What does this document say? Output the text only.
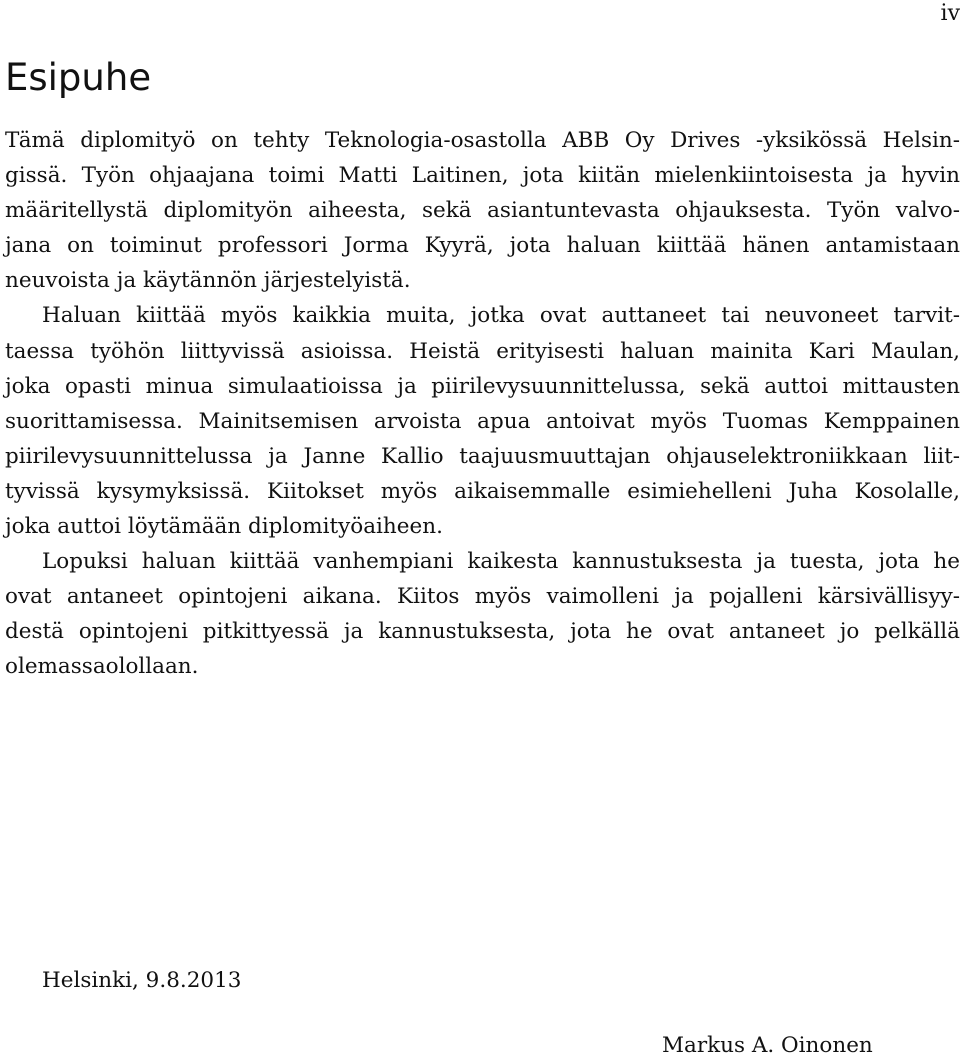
iv
Esipuhe
Tämä diplomityö on tehty Teknologia-osastolla ABB Oy Drives -yksikössä Helsin-
gissä. Työn ohjaajana toimi Matti Laitinen, jota kiitän mielenkiintoisesta ja hyvin
määritellystä diplomityön aiheesta, sekä asiantuntevasta ohjauksesta. Työn valvo-
jana on toiminut professori Jorma Kyyrä, jota haluan kiittää hänen antamistaan
neuvoista ja käytännön järjestelyistä.
Haluan kiittää myös kaikkia muita, jotka ovat auttaneet tai neuvoneet tarvit-
taessa työhön liittyvissä asioissa. Heistä erityisesti haluan mainita Kari Maulan,
joka opasti minua simulaatioissa ja piirilevysuunnittelussa, sekä auttoi mittausten
suorittamisessa. Mainitsemisen arvoista apua antoivat myös Tuomas Kemppainen
piirilevysuunnittelussa ja Janne Kallio taajuusmuuttajan ohjauselektroniikkaan liit-
tyvissä kysymyksissä. Kiitokset myös aikaisemmalle esimiehelleni Juha Kosolalle,
joka auttoi löytämään diplomityöaiheen.
Lopuksi haluan kiittää vanhempiani kaikesta kannustuksesta ja tuesta, jota he
ovat antaneet opintojeni aikana. Kiitos myös vaimolleni ja pojalleni kärsivällisyy-
destä opintojeni pitkittyessä ja kannustuksesta, jota he ovat antaneet jo pelkällä
olemassaolollaan.
Helsinki, 9.8.2013
Markus A. Oinonen
